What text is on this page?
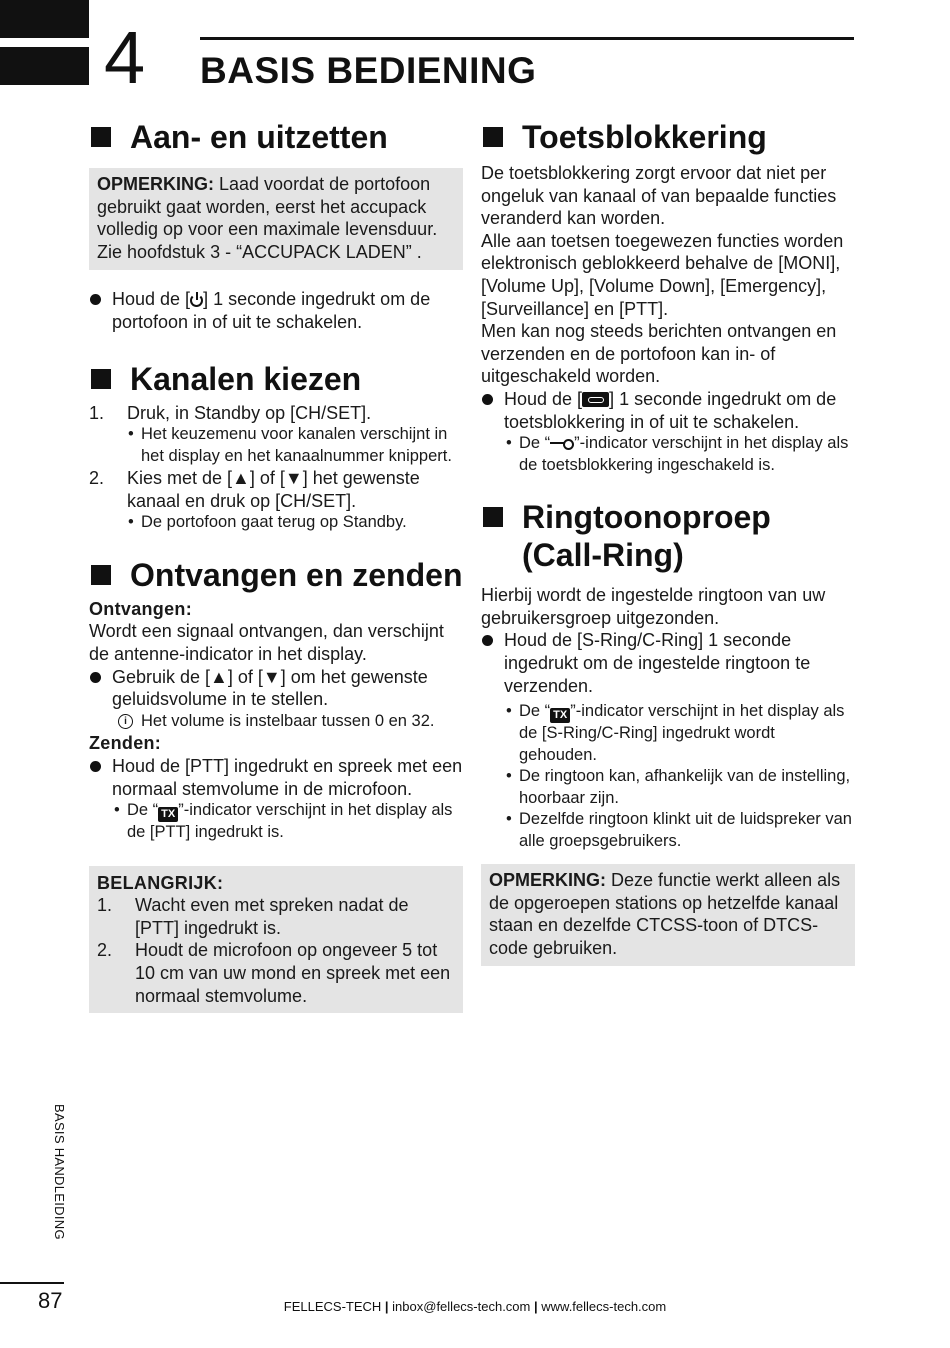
4 BASIS BEDIENING
Aan- en uitzetten
OPMERKING: Laad voordat de portofoon gebruikt gaat worden, eerst het accupack volledig op voor een maximale levensduur.
Zie hoofdstuk 3 - “ACCUPACK LADEN” .
Houd de [ ] 1 seconde ingedrukt om de portofoon in of uit te schakelen.
Kanalen kiezen
1. Druk, in Standby op [CH/SET].
• Het keuzemenu voor kanalen verschijnt in het display en het kanaalnummer knippert.
2. Kies met de [▲] of [▼] het gewenste kanaal en druk op [CH/SET].
• De portofoon gaat terug op Standby.
Ontvangen en zenden
Ontvangen:

Wordt een signaal ontvangen, dan verschijnt de antenne-indicator in het display.

Gebruik de [▲] of [▼] om het gewenste geluidsvolume in te stellen.
i Het volume is instelbaar tussen 0 en 32.
Zenden:
Houd de [PTT] ingedrukt en spreek met een normaal stemvolume in de microfoon.
• De “ TX ”-indicator verschijnt in het display als de [PTT] ingedrukt is.
BELANGRIJK:
1. Wacht even met spreken nadat de [PTT] ingedrukt is.
2. Houdt de microfoon op ongeveer 5 tot 10 cm van uw mond en spreek met een normaal stemvolume.
Toetsblokkering

De toetsblokkering zorgt ervoor dat niet per ongeluk van kanaal of van bepaalde functies veranderd kan worden.

Alle aan toetsen toegewezen functies worden elektronisch geblokkeerd behalve de [MONI], [Volume Up], [Volume Down], [Emergency], [Surveillance] en [PTT].

Men kan nog steeds berichten ontvangen en verzenden en de portofoon kan in- of uitgeschakeld worden.

Houd de [ ] 1 seconde ingedrukt om de toetsblokkering in of uit te schakelen.
• De “ ”-indicator verschijnt in het display als de toetsblokkering ingeschakeld is.
Ringtoonoproep
(Call-Ring)

Hierbij wordt de ingestelde ringtoon van uw gebruikersgroep uitgezonden.

Houd de [S-Ring/C-Ring] 1 seconde ingedrukt om de ingestelde ringtoon te verzenden.
• De “ TX ”-indicator verschijnt in het display als de [S-Ring/C-Ring] ingedrukt wordt gehouden.
• De ringtoon kan, afhankelijk van de instelling, hoorbaar zijn.
• Dezelfde ringtoon klinkt uit de luidspreker van alle groepsgebruikers.
OPMERKING: Deze functie werkt alleen als de opgeroepen stations op hetzelfde kanaal staan en dezelfde CTCSS-toon of DTCS-code gebruiken.
BASIS HANDLEIDING
87	FELLECS-TECH | inbox@fellecs-tech.com | www.fellecs-tech.com
